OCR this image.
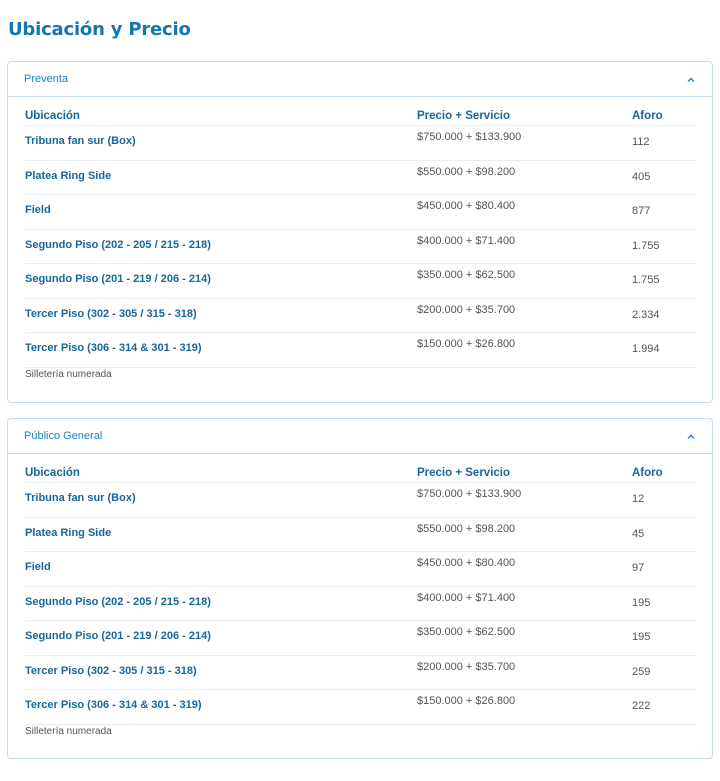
Ubicación y Precio
Preventa
Ubicación	Precio + Servicio	Aforo
Tribuna fan sur (Box)	$750.000 + $133.900	112
Platea Ring Side	$550.000 + $98.200	405
Field	$450.000 + $80.400	877
Segundo Piso (202 - 205 / 215 - 218)	$400.000 + $71.400	1.755
Segundo Piso (201 - 219 / 206 - 214)	$350.000 + $62.500	1.755
Tercer Piso (302 - 305 / 315 - 318)	$200.000 + $35.700	2.334
Tercer Piso (306 - 314 & 301 - 319)	$150.000 + $26.800	1.994
Silletería numerada
Público General
Ubicación	Precio + Servicio	Aforo
Tribuna fan sur (Box)	$750.000 + $133.900	12
Platea Ring Side	$550.000 + $98.200	45
Field	$450.000 + $80.400	97
Segundo Piso (202 - 205 / 215 - 218)	$400.000 + $71.400	195
Segundo Piso (201 - 219 / 206 - 214)	$350.000 + $62.500	195
Tercer Piso (302 - 305 / 315 - 318)	$200.000 + $35.700	259
Tercer Piso (306 - 314 & 301 - 319)	$150.000 + $26.800	222
Silletería numerada
